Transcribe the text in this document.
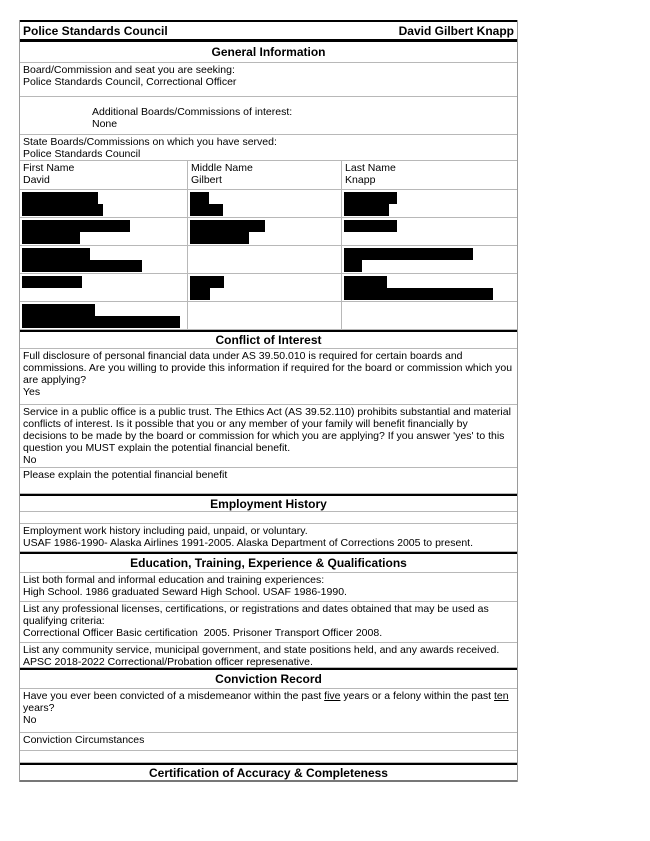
Police Standards Council	David Gilbert Knapp
General Information
Board/Commission and seat you are seeking:
Police Standards Council, Correctional Officer
Additional Boards/Commissions of interest:
None
State Boards/Commissions on which you have served:
Police Standards Council
First Name
David
Middle Name
Gilbert
Last Name
Knapp
Conflict of Interest
Full disclosure of personal financial data under AS 39.50.010 is required for certain boards and commissions. Are you willing to provide this information if required for the board or commission which you are applying?
Yes
Service in a public office is a public trust. The Ethics Act (AS 39.52.110) prohibits substantial and material conflicts of interest. Is it possible that you or any member of your family will benefit financially by decisions to be made by the board or commission for which you are applying? If you answer 'yes' to this question you MUST explain the potential financial benefit.
No
Please explain the potential financial benefit
Employment History
Employment work history including paid, unpaid, or voluntary.
USAF 1986-1990- Alaska Airlines 1991-2005. Alaska Department of Corrections 2005 to present.
Education, Training, Experience & Qualifications
List both formal and informal education and training experiences:
High School. 1986 graduated Seward High School. USAF 1986-1990.
List any professional licenses, certifications, or registrations and dates obtained that may be used as qualifying criteria:
Correctional Officer Basic certification  2005. Prisoner Transport Officer 2008.
List any community service, municipal government, and state positions held, and any awards received.
APSC 2018-2022 Correctional/Probation officer represenative.
Conviction Record
Have you ever been convicted of a misdemeanor within the past five years or a felony within the past ten years?
No
Conviction Circumstances
Certification of Accuracy & Completeness
